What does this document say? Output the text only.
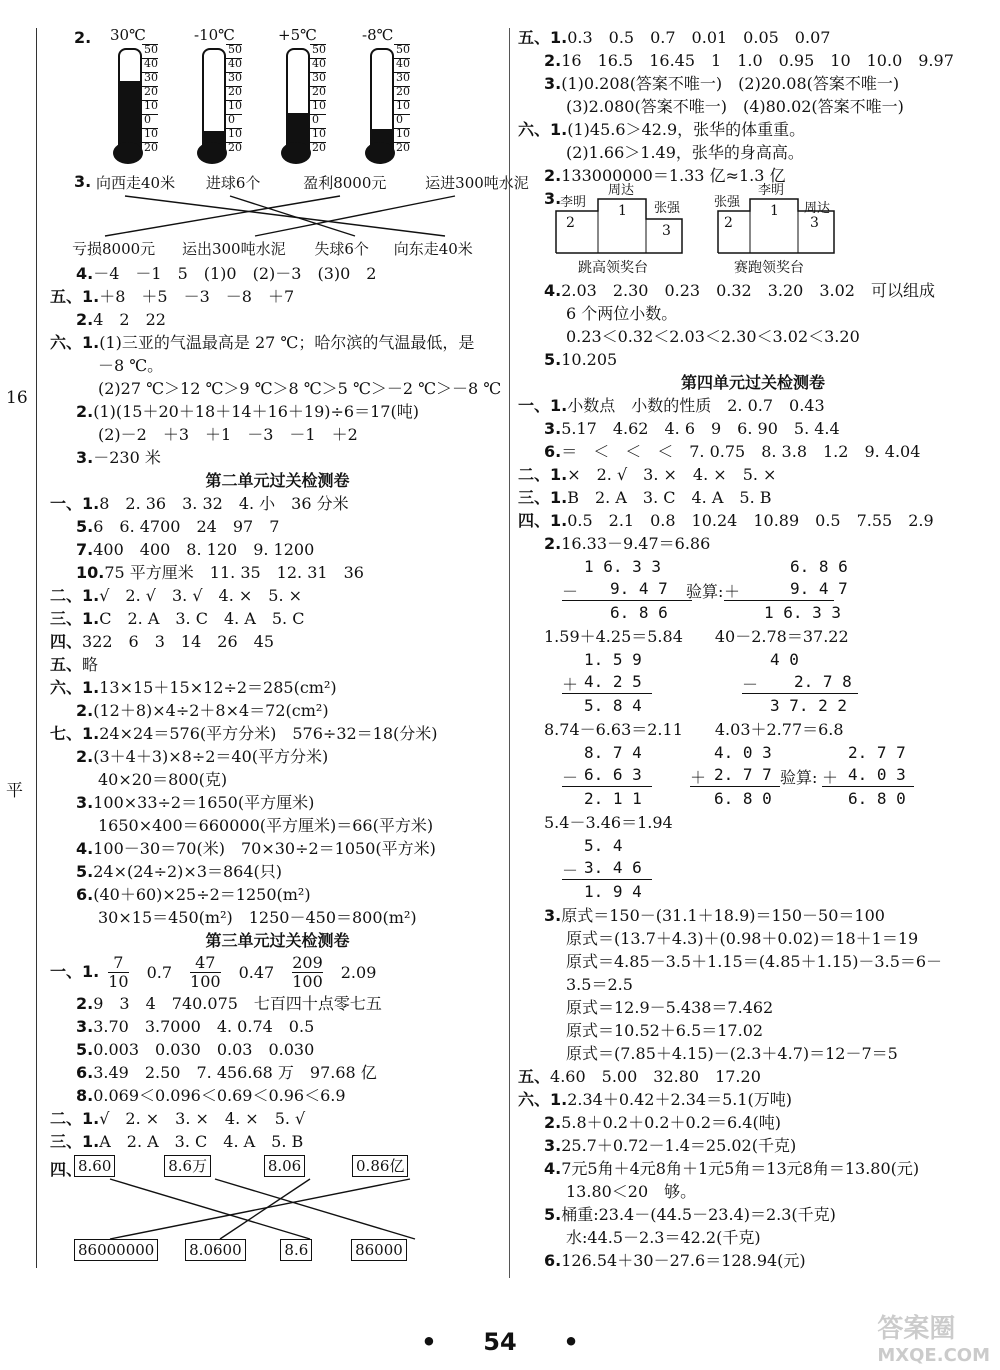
16
平
2. 30℃
50
40
30
20
10
0
10
20
-10℃
50
40
30
20
10
0
10
20
+5℃
50
40
30
20
10
0
10
20
-8℃
50
40
30
20
10
0
10
20
3. 向西走40米 进球6个	盈利8000元	运进300吨水泥
亏损8000元 运出300吨水泥 失球6个 向东走40米
4.－4　－1　5　(1)0　(2)－3　(3)0　2
五、1.＋8　＋5　－3　－8　＋7
2.4　2　22
六、1.(1)三亚的气温最高是 27 ℃；哈尔滨的气温最低，是
－8 ℃。
(2)27 ℃＞12 ℃＞9 ℃＞8 ℃＞5 ℃＞－2 ℃＞－8 ℃
2.(1)(15＋20＋18＋14＋16＋19)÷6＝17(吨)
(2)－2　＋3　＋1　－3　－1　＋2
3.－230 米
第二单元过关检测卷
一、1.8　2. 36　3. 32　4. 小　36 分米
5.6　6. 4700　24　97　7
7.400　400　8. 120　9. 1200
10.75 平方厘米　11. 35　12. 31　36
二、1.√　2. √　3. √　4. ×　5. ×
三、1.C　2. A　3. C　4. A　5. C
四、322　6　3　14　26　45
五、略
六、1.13×15＋15×12÷2＝285(cm²)
2.(12＋8)×4÷2＋8×4＝72(cm²)
七、1.24×24＝576(平方分米)　576÷32＝18(分米)
2.(3＋4＋3)×8÷2＝40(平方分米)
40×20＝800(克)
3.100×33÷2＝1650(平方厘米)
1650×400＝660000(平方厘米)＝66(平方米)
4.100－30＝70(米)　70×30÷2＝1050(平方米)
5.24×(24÷2)×3＝864(只)
6.(40＋60)×25÷2＝1250(m²)
30×15＝450(m²)　1250－450＝800(m²)
第三单元过关检测卷
一、1. $\frac{7}{10} 0.7 \frac{47}{100} 0.47 \frac{209}{100} 2.09$
2.9　3　4　740.075　七百四十点零七五
3.3.70　3.7000　4. 0.74　0.5
5.0.003　0.030　0.03　0.030
6.3.49　2.50　7. 456.68 万　97.68 亿
8.0.069＜0.096＜0.69＜0.96＜6.9
二、1.√　2. ×　3. ×　4. ×　5. √
三、1.A　2. A　3. C　4. A　5. B
四、
8.60	8.6万	8.06	0.86亿
86000000 8.0600	8.6	86000
五、1.0.3　0.5　0.7　0.01　0.05　0.07
2.16　16.5　16.45　1　1.0　0.95　10　10.0　9.97
3.(1)0.208(答案不唯一)　(2)20.08(答案不唯一)
(3)2.080(答案不唯一)　(4)80.02(答案不唯一)
六、1.(1)45.6＞42.9，张华的体重重。
(2)1.66＞1.49，张华的身高高。
2.133000000＝1.33 亿≈1.3 亿
3.
李明
周达
张强
2
1
3
跳高领奖台
张强
李明
周达
2
1
3
赛跑领奖台
4.2.03　2.30　0.23　0.32　3.20　3.02　可以组成
6 个两位小数。
0.23＜0.32＜2.03＜2.30＜3.02＜3.20
5.10.205
第四单元过关检测卷
一、1.小数点　小数的性质　2. 0.7　0.43
3.5.17　4.62　4. 6　9　6. 90　5. 4.4
6.＝　＜　＜　＜　7. 0.75　8. 3.8　1.2　9. 4.04
二、1.×　2. √　3. ×　4. ×　5. ×
三、1.B　2. A　3. C　4. A　5. B
四、1.0.5　2.1　0.8　10.24　10.89　0.5　7.55　2.9
2.16.33－9.47＝6.86
1 6. 3 3
－ 9. 4 7
6. 8 6
验算:
6. 8 6
＋	9. 4 7
1 6. 3 3
1.59＋4.25＝5.84　　40－2.78＝37.22
1. 5 9
＋ 4. 2 5
5. 8 4
4 0
－ 2. 7 8
3 7. 2 2
8.74－6.63＝2.11　　4.03＋2.77＝6.8
8. 7 4
－ 6. 6 3
2. 1 1
4. 0 3
＋ 2. 7 7
6. 8 0
验算:
2. 7 7
＋ 4. 0 3
6. 8 0
5.4－3.46＝1.94
5. 4
－ 3. 4 6
1. 9 4
3.原式＝150－(31.1＋18.9)＝150－50＝100
原式＝(13.7＋4.3)＋(0.98＋0.02)＝18＋1＝19
原式＝4.85－3.5＋1.15＝(4.85＋1.15)－3.5＝6－
3.5＝2.5
原式＝12.9－5.438＝7.462
原式＝10.52＋6.5＝17.02
原式＝(7.85＋4.15)－(2.3＋4.7)＝12－7＝5
五、4.60　5.00　32.80　17.20
六、1.2.34＋0.42＋2.34＝5.1(万吨)
2.5.8＋0.2＋0.2＋0.2＝6.4(吨)
3.25.7＋0.72－1.4＝25.02(千克)
4.7元5角＋4元8角＋1元5角＝13元8角＝13.80(元)
13.80＜20　够。
5.桶重:23.4－(44.5－23.4)＝2.3(千克)
水:44.5－2.3＝42.2(千克)
6.126.54＋30－27.6＝128.94(元)
• 54 •	答案圈
MXQE.COM
